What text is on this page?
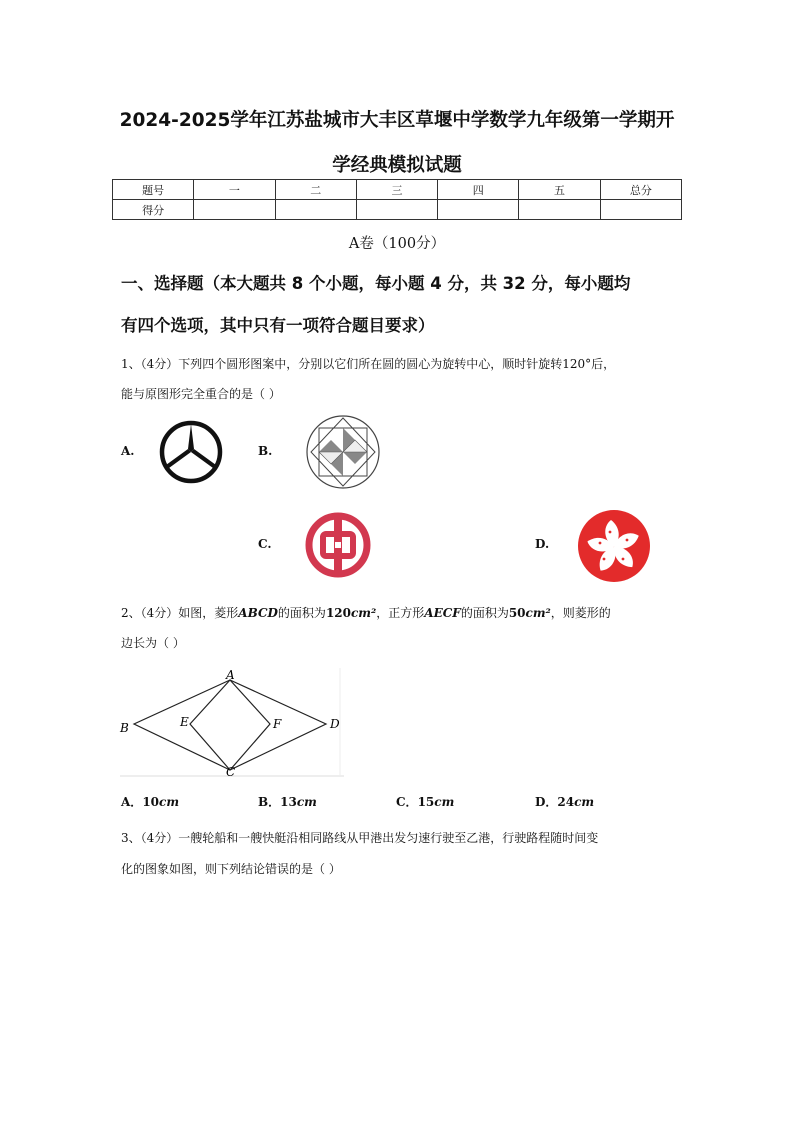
2024-2025学年江苏盐城市大丰区草堰中学数学九年级第一学期开
学经典模拟试题
题号	一	二	三	四	五	总分
得分						
A卷（100分）
一、选择题（本大题共 8 个小题，每小题 4 分，共 32 分，每小题均
有四个选项，其中只有一项符合题目要求）
1、（4分）下列四个圆形图案中，分别以它们所在圆的圆心为旋转中心，顺时针旋转120°后，
能与原图形完全重合的是（ ）
A.	B.
C.	D.
2、（4分）如图，菱形ABCD的面积为120cm²，正方形AECF的面积为50cm²，则菱形的
边长为（ ）
A
B
C
D
E	F
A．10cm	B．13cm	C．15cm	D．24cm
3、（4分）一艘轮船和一艘快艇沿相同路线从甲港出发匀速行驶至乙港，行驶路程随时间变
化的图象如图，则下列结论错误的是（ ）
